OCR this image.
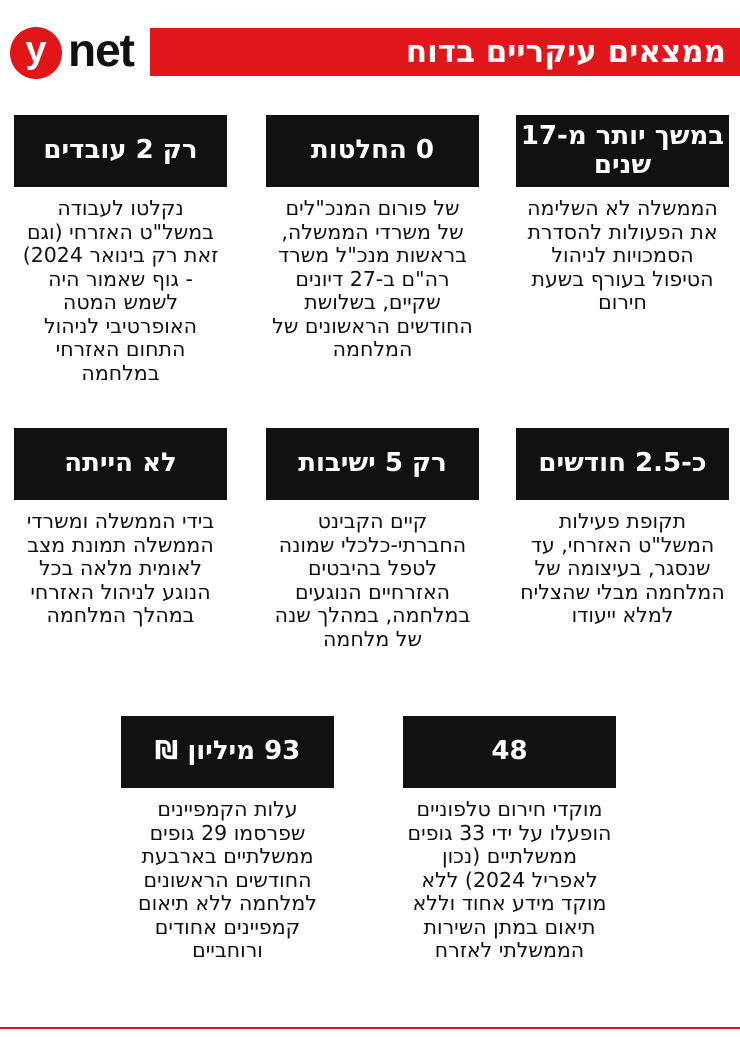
y net	ממצאים עיקריים בדוח
במשך יותר מ-17 שנים
הממשלה לא השלימה את הפעולות להסדרת הסמכויות לניהול הטיפול בעורף בשעת חירום
0 החלטות
של פורום המנכ"לים של משרדי הממשלה, בראשות מנכ"ל משרד רה"ם ב-27 דיונים שקיים, בשלושת החודשים הראשונים של המלחמה
רק 2 עובדים
נקלטו לעבודה במשל"ט האזרחי (וגם זאת רק בינואר 2024) - גוף שאמור היה לשמש המטה האופרטיבי לניהול התחום האזרחי במלחמה
כ-2.5 חודשים
תקופת פעילות המשל"ט האזרחי, עד שנסגר, בעיצומה של המלחמה מבלי שהצליח למלא ייעודו
רק 5 ישיבות
קיים הקבינט החברתי-כלכלי שמונה לטפל בהיבטים האזרחיים הנוגעים במלחמה, במהלך שנה של מלחמה
לא הייתה
בידי הממשלה ומשרדי הממשלה תמונת מצב לאומית מלאה בכל הנוגע לניהול האזרחי במהלך המלחמה
48
מוקדי חירום טלפוניים הופעלו על ידי 33 גופים ממשלתיים (נכון לאפריל 2024) ללא מוקד מידע אחוד וללא תיאום במתן השירות הממשלתי לאזרח
93 מיליון ₪
עלות הקמפיינים שפרסמו 29 גופים ממשלתיים בארבעת החודשים הראשונים למלחמה ללא תיאום קמפיינים אחודים ורוחביים
